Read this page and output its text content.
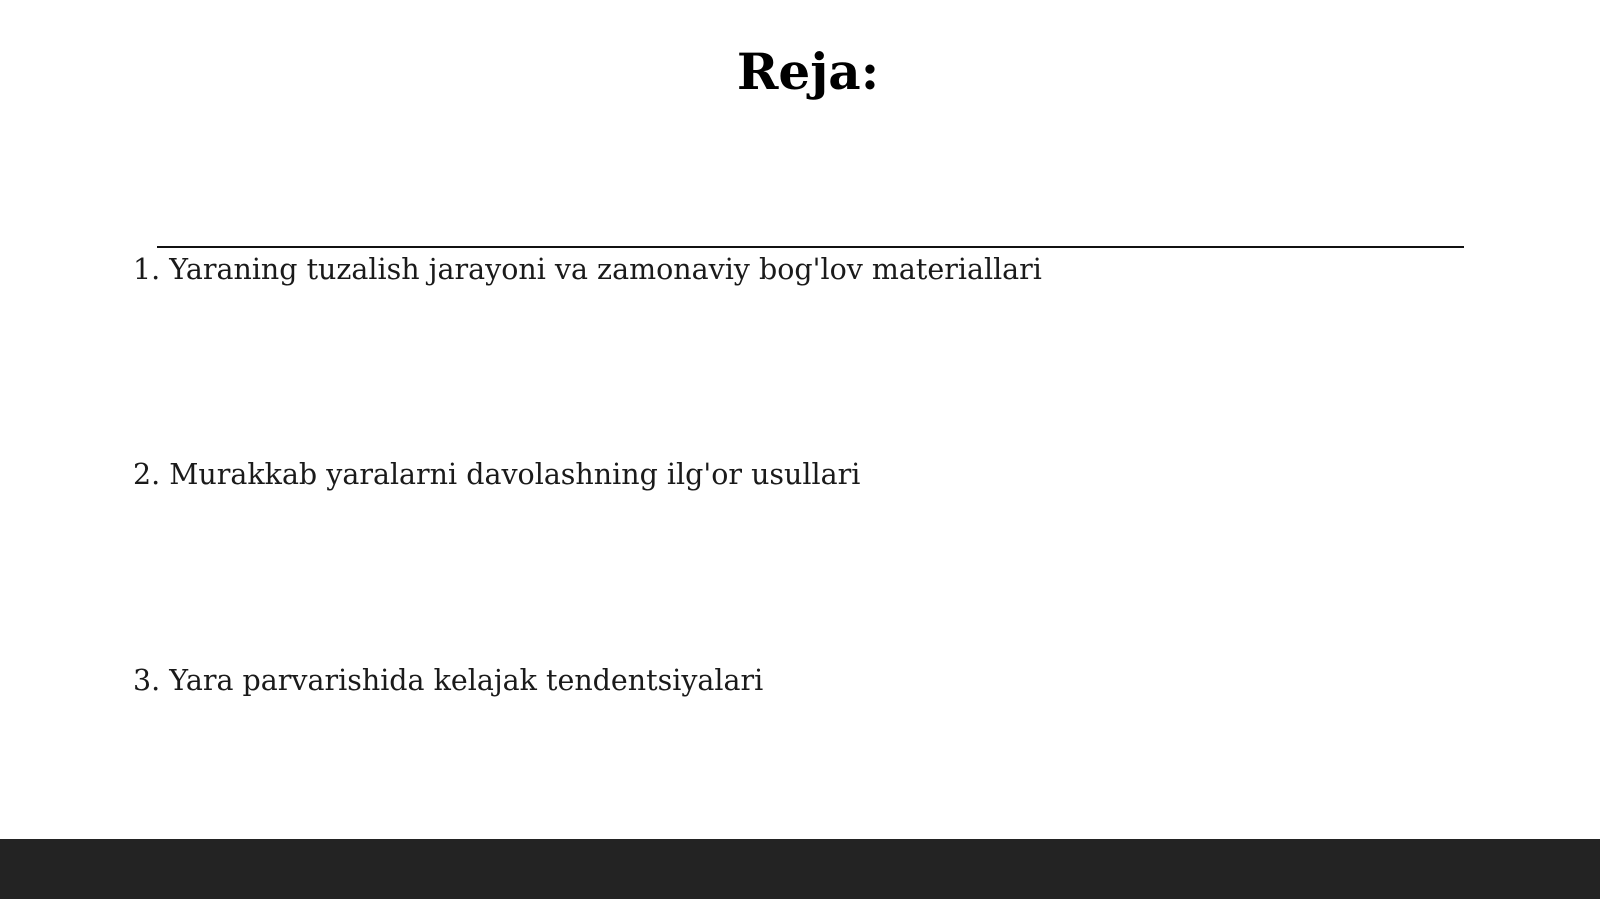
Reja:

1. Yaraning tuzalish jarayoni va zamonaviy bog'lov materiallari

2. Murakkab yaralarni davolashning ilg'or usullari

3. Yara parvarishida kelajak tendentsiyalari
